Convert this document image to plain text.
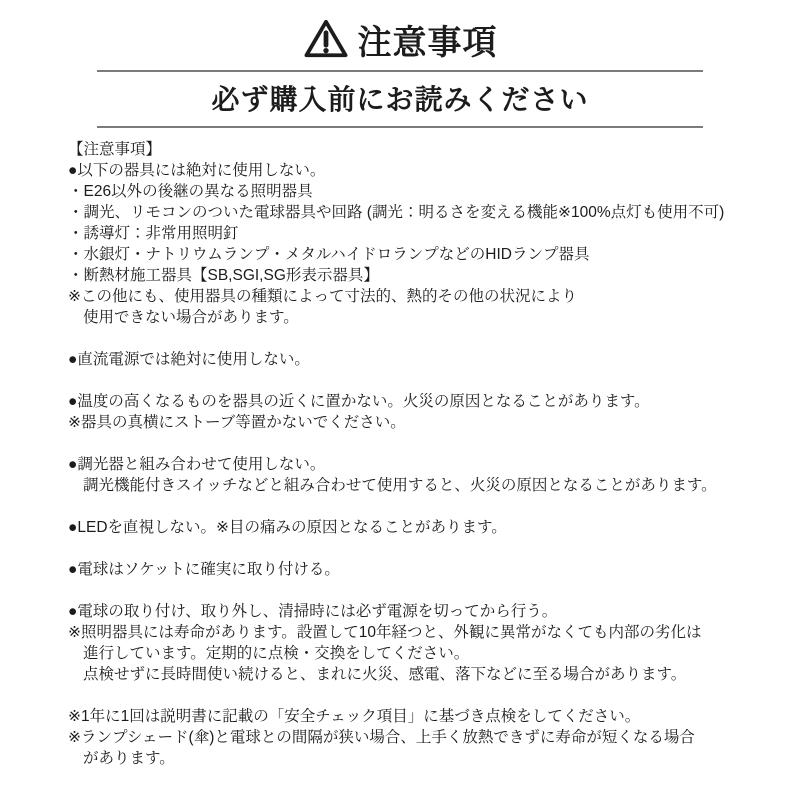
注意事項
必ず購入前にお読みください

【注意事項】
●以下の器具には絶対に使用しない。
・E26以外の後継の異なる照明器具
・調光、リモコンのついた電球器具や回路 (調光：明るさを変える機能※100%点灯も使用不可)
・誘導灯：非常用照明釘
・水銀灯・ナトリウムランプ・メタルハイドロランプなどのHIDランプ器具
・断熱材施工器具【SB,SGI,SG形表示器具】
※この他にも、使用器具の種類によって寸法的、熱的その他の状況により
使用できない場合があります。

●直流電源では絶対に使用しない。

●温度の高くなるものを器具の近くに置かない。火災の原因となることがあります。
※器具の真横にストーブ等置かないでください。

●調光器と組み合わせて使用しない。
調光機能付きスイッチなどと組み合わせて使用すると、火災の原因となることがあります。

●LEDを直視しない。※目の痛みの原因となることがあります。

●電球はソケットに確実に取り付ける。

●電球の取り付け、取り外し、清掃時には必ず電源を切ってから行う。
※照明器具には寿命があります。設置して10年経つと、外観に異常がなくても内部の劣化は
進行しています。定期的に点検・交換をしてください。
点検せずに長時間使い続けると、まれに火災、感電、落下などに至る場合があります。

※1年に1回は説明書に記載の「安全チェック項目」に基づき点検をしてください。
※ランプシェード(傘)と電球との間隔が狭い場合、上手く放熱できずに寿命が短くなる場合
があります。
